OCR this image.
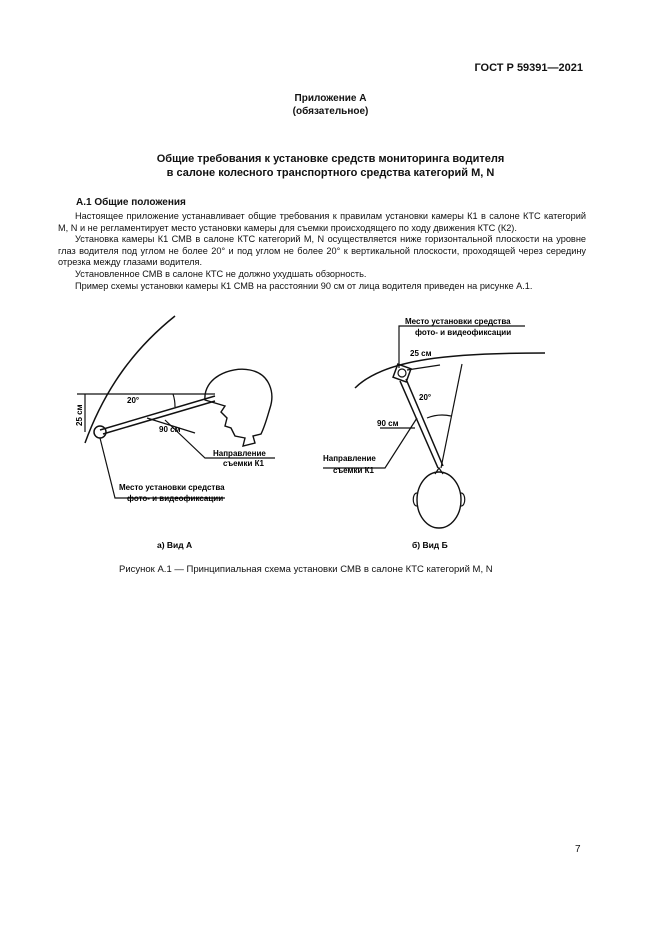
ГОСТ Р 59391—2021
Приложение А
(обязательное)
Общие требования к установке средств мониторинга водителя
в салоне колесного транспортного средства категорий M, N
А.1 Общие положения

Настоящее приложение устанавливает общие требования к правилам установки камеры К1 в салоне КТС категорий M, N и не регламентирует место установки камеры для съемки происходящего по ходу движения КТС (К2).

Установка камеры К1 СМВ в салоне КТС категорий M, N осуществляется ниже горизонтальной плоскости на уровне глаз водителя под углом не более 20° и под углом не более 20° к вертикальной плоскости, проходящей через середину отрезка между глазами водителя.

Установленное СМВ в салоне КТС не должно ухудшать обзорность.

Пример схемы установки камеры К1 СМВ на расстоянии 90 см от лица водителя приведен на рисунке А.1.

25 см
20°
90 см
Направление
съемки К1
Место установки средства
фото- и видеофиксации
а) Вид А
Место установки средства
фото- и видеофиксации
25 см
20°
90 см
Направление
съемки К1
б) Вид Б
Рисунок А.1 — Принципиальная схема установки СМВ в салоне КТС категорий M, N
7
